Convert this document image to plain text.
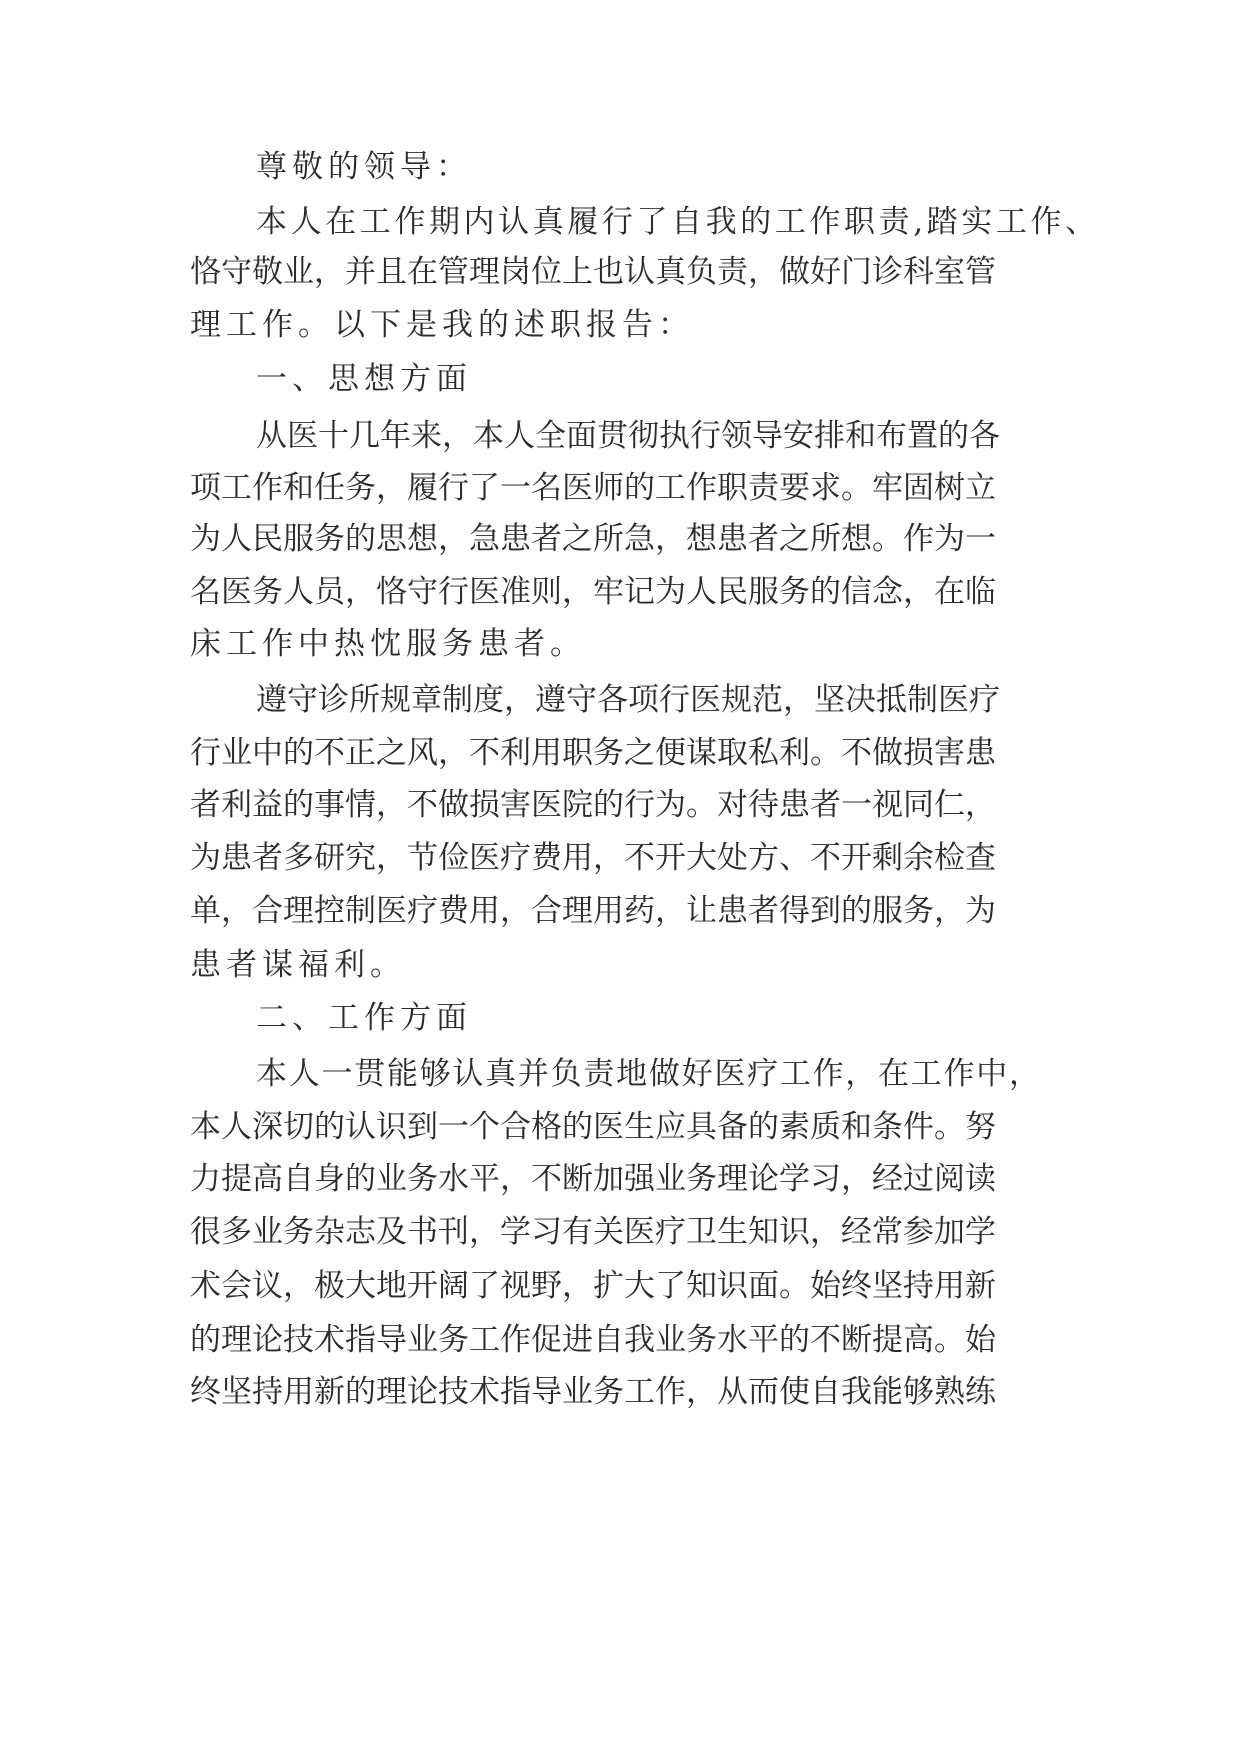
尊敬的领导：
本人在工作期内认真履行了自我的工作职责,踏实工作、
恪守敬业，并且在管理岗位上也认真负责，做好门诊科室管
理工作。以下是我的述职报告：
一、思想方面
从医十几年来，本人全面贯彻执行领导安排和布置的各
项工作和任务，履行了一名医师的工作职责要求。牢固树立
为人民服务的思想，急患者之所急，想患者之所想。作为一
名医务人员，恪守行医准则，牢记为人民服务的信念，在临
床工作中热忱服务患者。
遵守诊所规章制度，遵守各项行医规范，坚决抵制医疗
行业中的不正之风，不利用职务之便谋取私利。不做损害患
者利益的事情，不做损害医院的行为。对待患者一视同仁，
为患者多研究，节俭医疗费用，不开大处方、不开剩余检查
单，合理控制医疗费用，合理用药，让患者得到的服务，为
患者谋福利。
二、工作方面
本人一贯能够认真并负责地做好医疗工作，在工作中，
本人深切的认识到一个合格的医生应具备的素质和条件。努
力提高自身的业务水平，不断加强业务理论学习，经过阅读
很多业务杂志及书刊，学习有关医疗卫生知识，经常参加学
术会议，极大地开阔了视野，扩大了知识面。始终坚持用新
的理论技术指导业务工作促进自我业务水平的不断提高。始
终坚持用新的理论技术指导业务工作，从而使自我能够熟练
